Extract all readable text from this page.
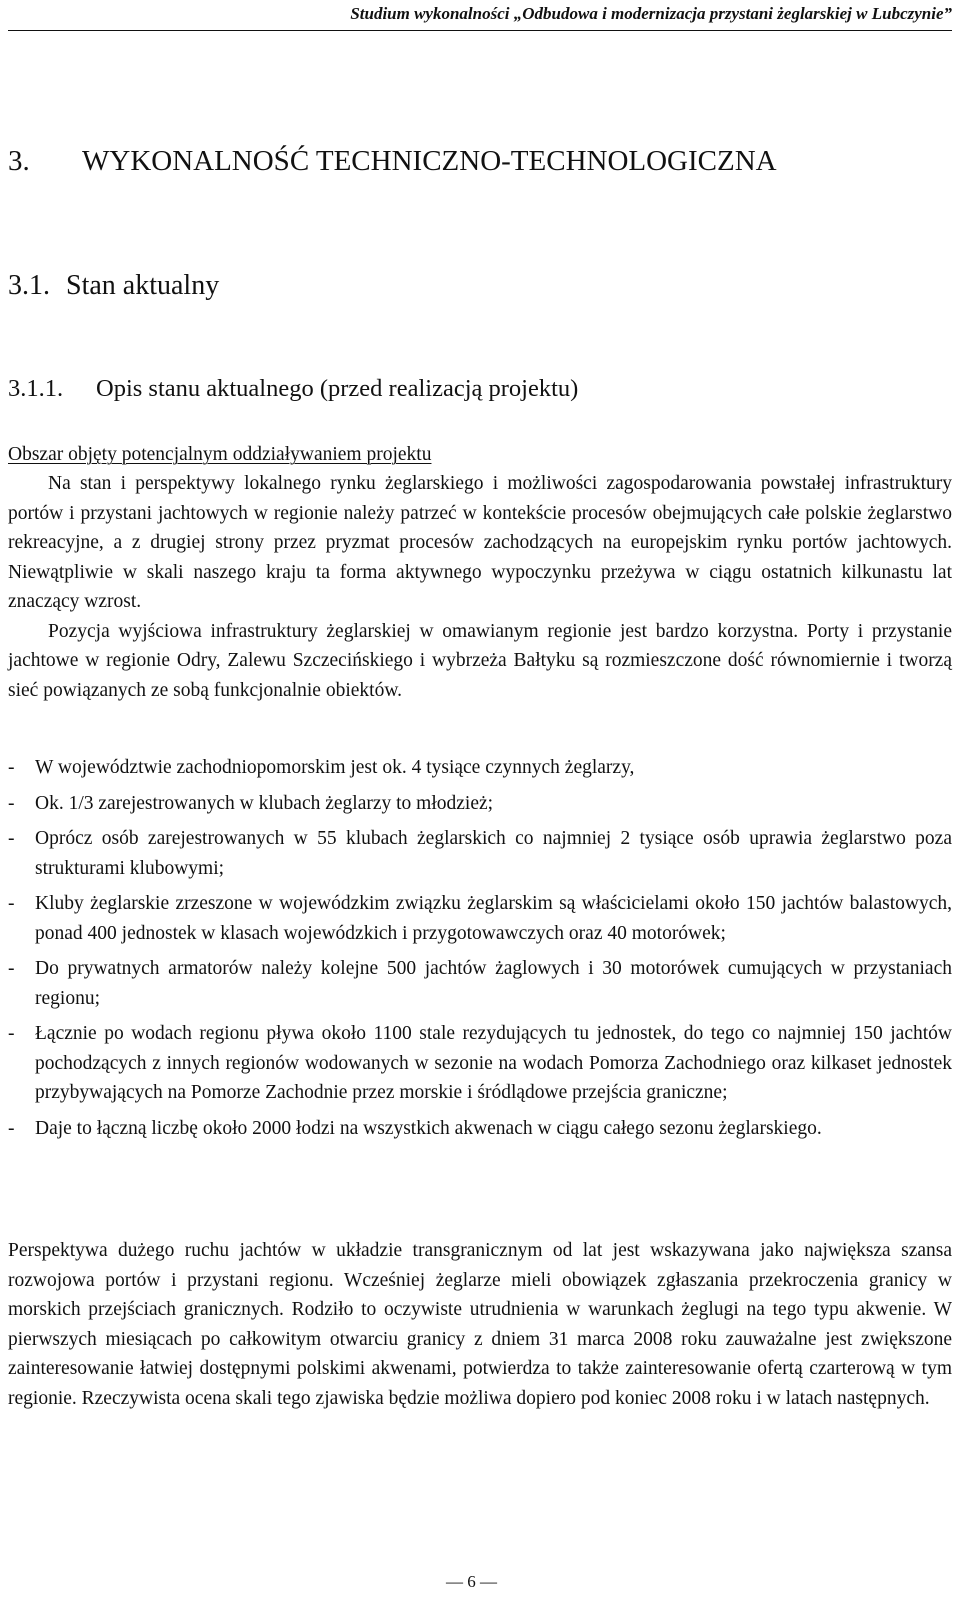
Studium wykonalności „Odbudowa i modernizacja przystani żeglarskiej w Lubczynie”
3. WYKONALNOŚĆ TECHNICZNO-TECHNOLOGICZNA
3.1. Stan aktualny
3.1.1. Opis stanu aktualnego (przed realizacją projektu)
Obszar objęty potencjalnym oddziaływaniem projektu

Na stan i perspektywy lokalnego rynku żeglarskiego i możliwości zagospodarowania powstałej infrastruktury portów i przystani jachtowych w regionie należy patrzeć w kontekście procesów obejmujących całe polskie żeglarstwo rekreacyjne, a z drugiej strony przez pryzmat procesów zachodzących na europejskim rynku portów jachtowych. Niewątpliwie w skali naszego kraju ta forma aktywnego wypoczynku przeżywa w ciągu ostatnich kilkunastu lat znaczący wzrost.

Pozycja wyjściowa infrastruktury żeglarskiej w omawianym regionie jest bardzo korzystna. Porty i przystanie jachtowe w regionie Odry, Zalewu Szczecińskiego i wybrzeża Bałtyku są rozmieszczone dość równomiernie i tworzą sieć powiązanych ze sobą funkcjonalnie obiektów.

- W województwie zachodniopomorskim jest ok. 4 tysiące czynnych żeglarzy,
- Ok. 1/3 zarejestrowanych w klubach żeglarzy to młodzież;
- Oprócz osób zarejestrowanych w 55 klubach żeglarskich co najmniej 2 tysiące osób uprawia żeglarstwo poza strukturami klubowymi;
- Kluby żeglarskie zrzeszone w wojewódzkim związku żeglarskim są właścicielami około 150 jachtów balastowych, ponad 400 jednostek w klasach wojewódzkich i przygotowawczych oraz 40 motorówek;
- Do prywatnych armatorów należy kolejne 500 jachtów żaglowych i 30 motorówek cumujących w przystaniach regionu;
- Łącznie po wodach regionu pływa około 1100 stale rezydujących tu jednostek, do tego co najmniej 150 jachtów pochodzących z innych regionów wodowanych w sezonie na wodach Pomorza Zachodniego oraz kilkaset jednostek przybywających na Pomorze Zachodnie przez morskie i śródlądowe przejścia graniczne;
- Daje to łączną liczbę około 2000 łodzi na wszystkich akwenach w ciągu całego sezonu żeglarskiego.

Perspektywa dużego ruchu jachtów w układzie transgranicznym od lat jest wskazywana jako największa szansa rozwojowa portów i przystani regionu. Wcześniej żeglarze mieli obowiązek zgłaszania przekroczenia granicy w morskich przejściach granicznych. Rodziło to oczywiste utrudnienia w warunkach żeglugi na tego typu akwenie. W pierwszych miesiącach po całkowitym otwarciu granicy z dniem 31 marca 2008 roku zauważalne jest zwiększone zainteresowanie łatwiej dostępnymi polskimi akwenami, potwierdza to także zainteresowanie ofertą czarterową w tym regionie. Rzeczywista ocena skali tego zjawiska będzie możliwa dopiero pod koniec 2008 roku i w latach następnych.

— 6 —
